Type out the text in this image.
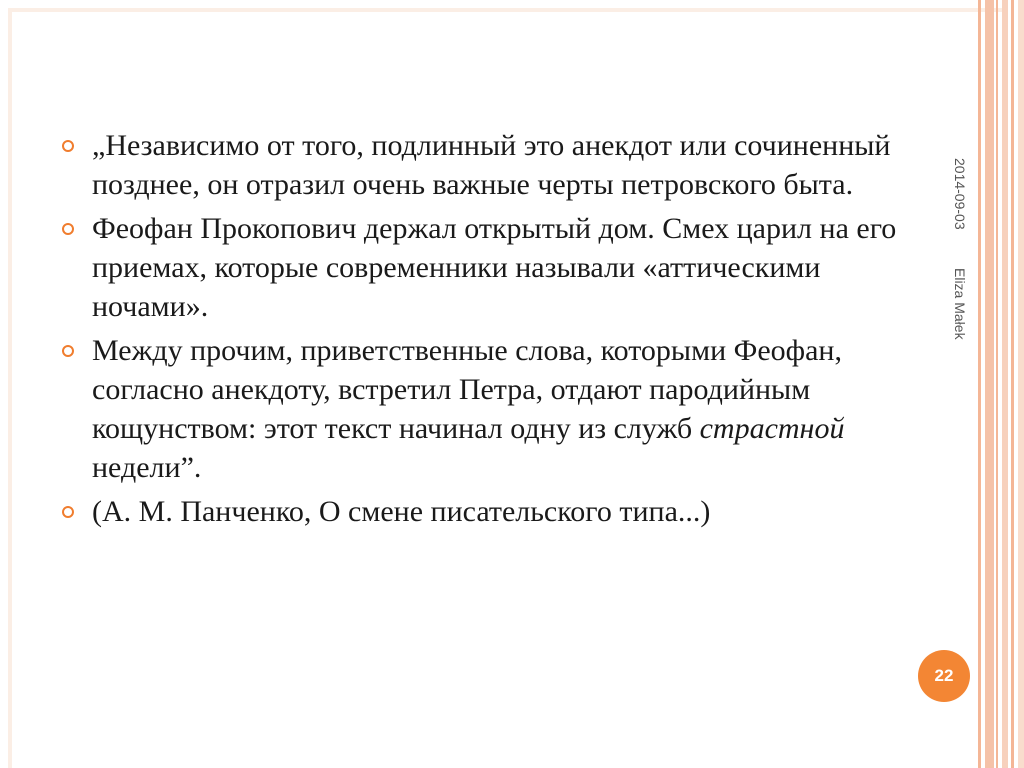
„Независимо от того, подлинный это анекдот или сочиненный позднее, он отразил очень важные черты петровского быта.
Феофан Прокопович держал открытый дом. Смех царил на его приемах, которые современники называли «аттическими ночами».
Между прочим, приветственные слова, которыми Феофан, согласно анекдоту, встретил Петра, отдают пародийным кощунством: этот текст начинал одну из служб страстной недели”.
(А. М. Панченко, О смене писательского типа...)
2014-09-03
Eliza Małek
22
